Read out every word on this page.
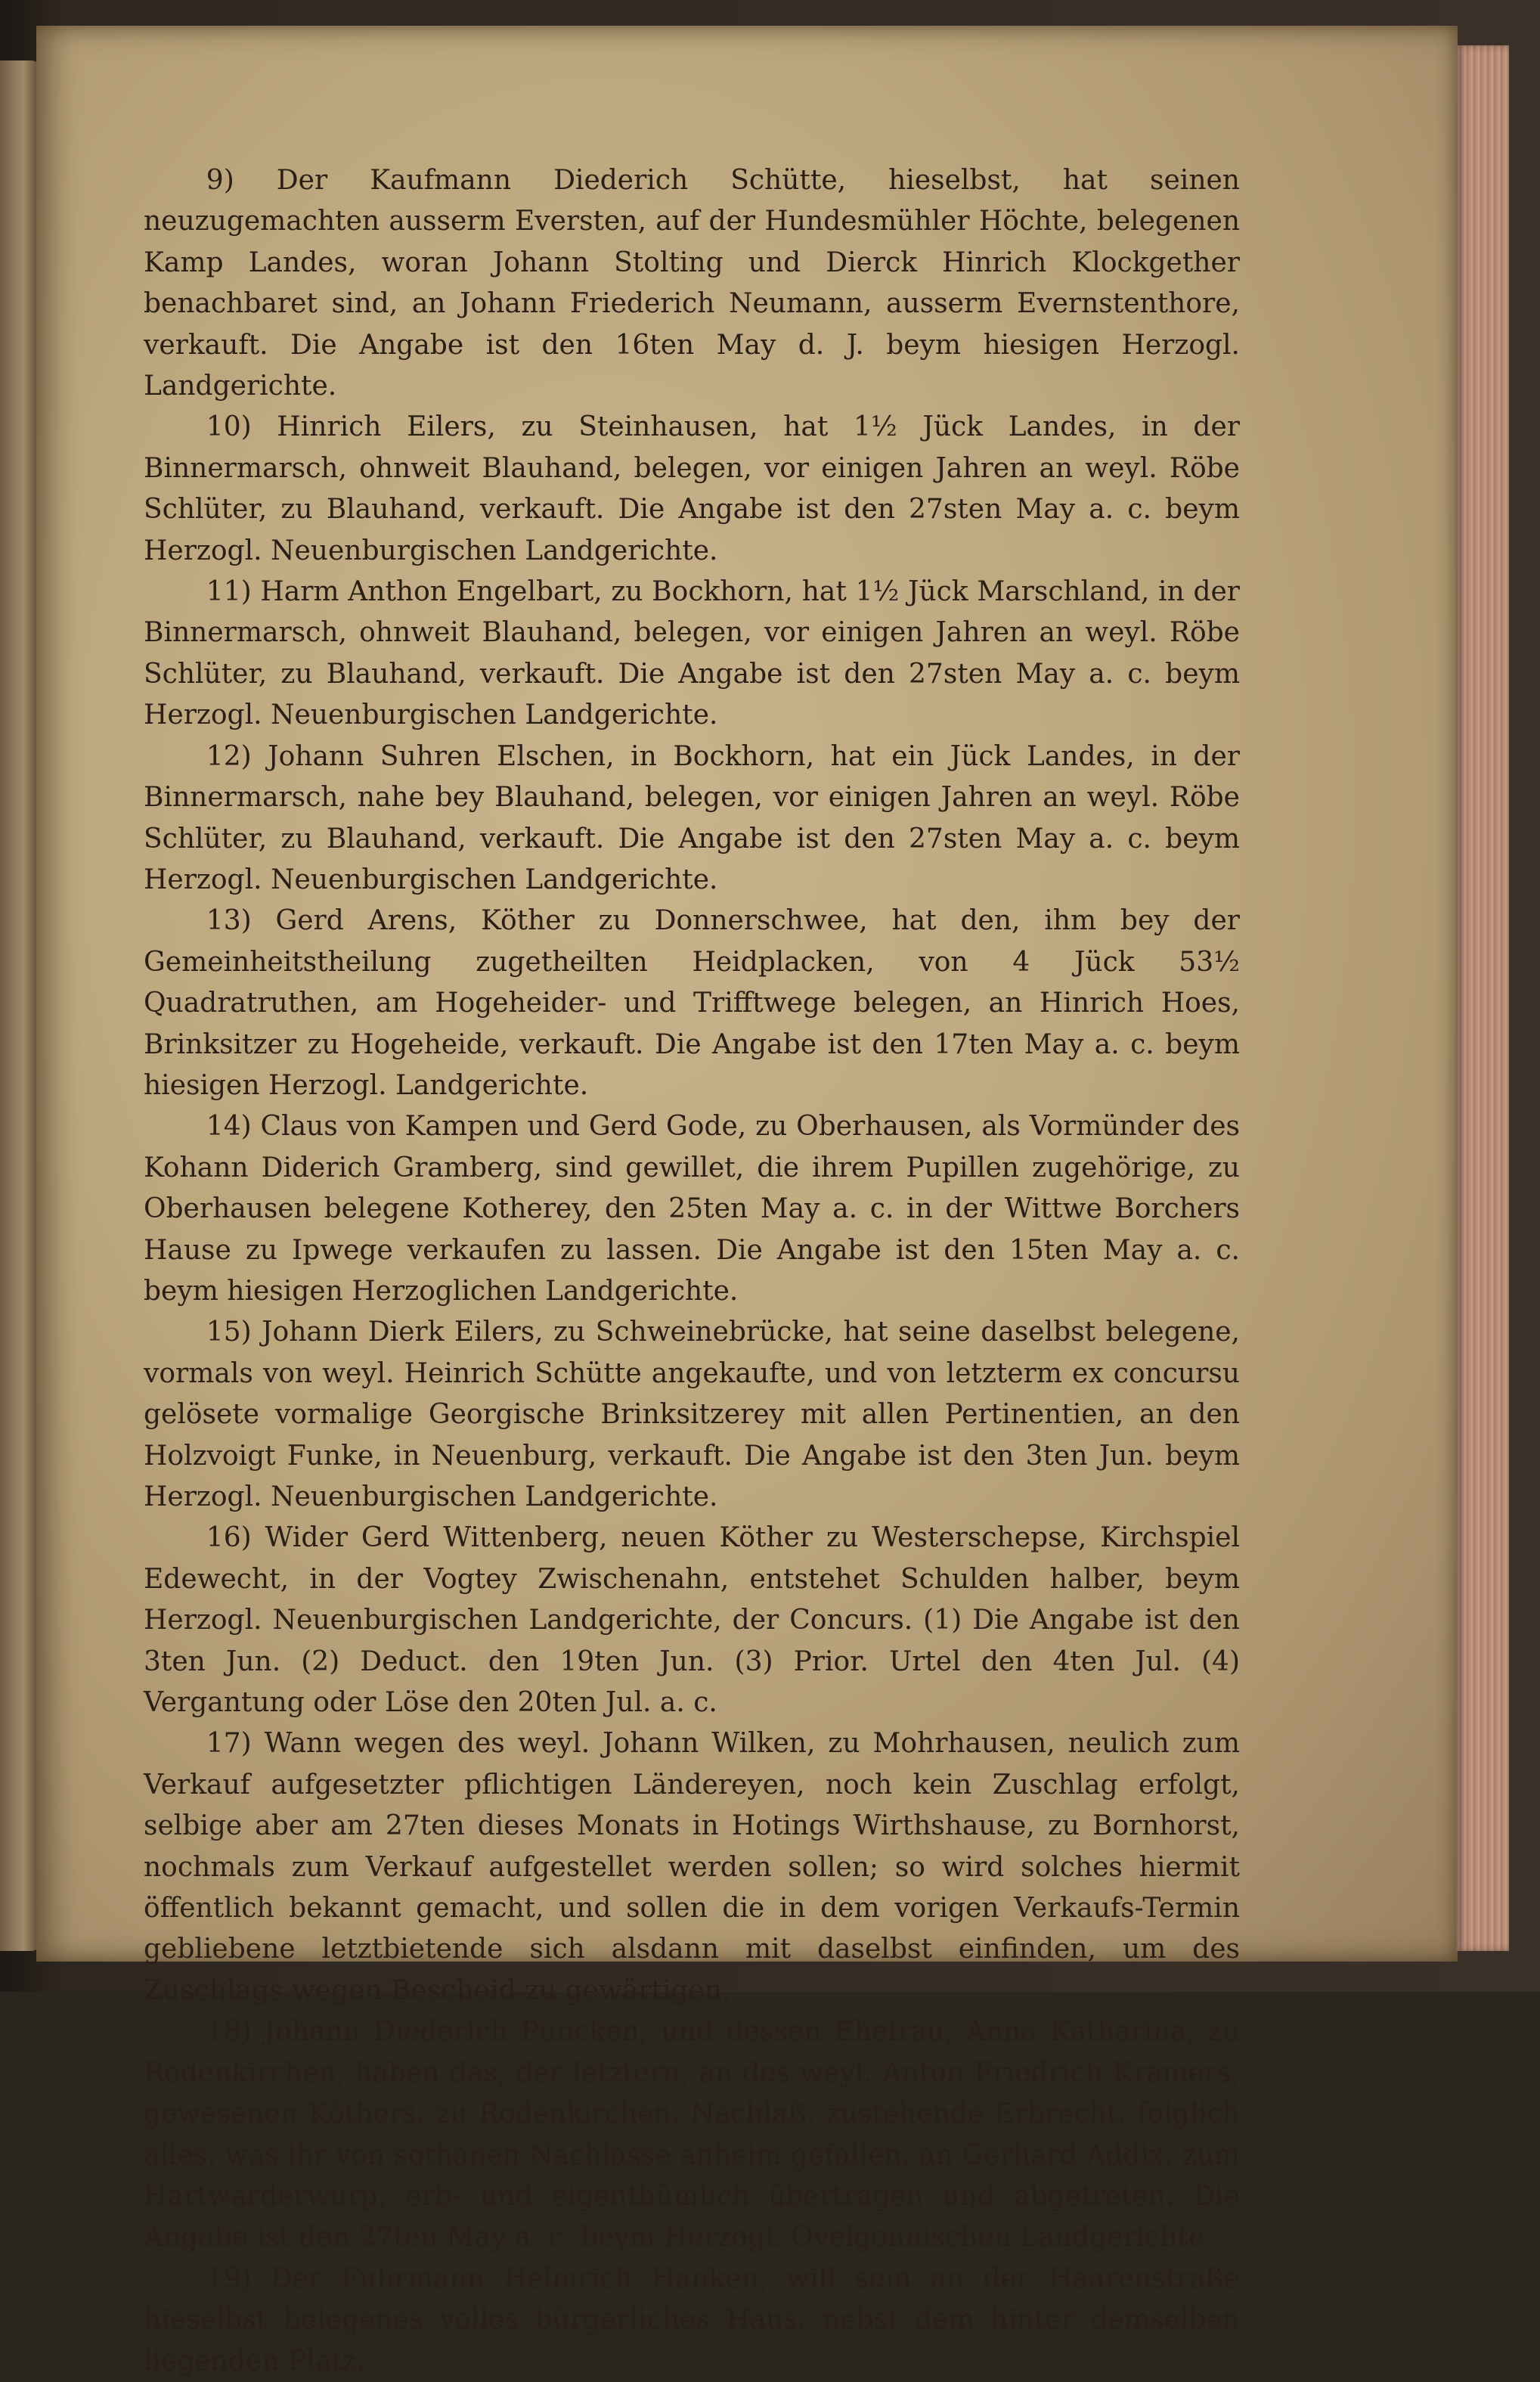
9) Der Kaufmann Diederich Schütte, hieselbst, hat seinen neuzugemachten ausserm Eversten, auf der Hundesmühler Höchte, belegenen Kamp Landes, woran Johann Stolting und Dierck Hinrich Klockgether benachbaret sind, an Johann Friederich Neumann, ausserm Evernstenthore, verkauft. Die Angabe ist den 16ten May d. J. beym hiesigen Herzogl. Landgerichte.

10) Hinrich Eilers, zu Steinhausen, hat 1½ Jück Landes, in der Binnermarsch, ohnweit Blauhand, belegen, vor einigen Jahren an weyl. Röbe Schlüter, zu Blauhand, verkauft. Die Angabe ist den 27sten May a. c. beym Herzogl. Neuenburgischen Landgerichte.

11) Harm Anthon Engelbart, zu Bockhorn, hat 1½ Jück Marschland, in der Binnermarsch, ohnweit Blauhand, belegen, vor einigen Jahren an weyl. Röbe Schlüter, zu Blauhand, verkauft. Die Angabe ist den 27sten May a. c. beym Herzogl. Neuenburgischen Landgerichte.

12) Johann Suhren Elschen, in Bockhorn, hat ein Jück Landes, in der Binnermarsch, nahe bey Blauhand, belegen, vor einigen Jahren an weyl. Röbe Schlüter, zu Blauhand, verkauft. Die Angabe ist den 27sten May a. c. beym Herzogl. Neuenburgischen Landgerichte.

13) Gerd Arens, Köther zu Donnerschwee, hat den, ihm bey der Gemeinheitstheilung zugetheilten Heidplacken, von 4 Jück 53½ Quadratruthen, am Hogeheider- und Trifftwege belegen, an Hinrich Hoes, Brinksitzer zu Hogeheide, verkauft. Die Angabe ist den 17ten May a. c. beym hiesigen Herzogl. Landgerichte.

14) Claus von Kampen und Gerd Gode, zu Oberhausen, als Vormünder des Kohann Diderich Gramberg, sind gewillet, die ihrem Pupillen zugehörige, zu Oberhausen belegene Kotherey, den 25ten May a. c. in der Wittwe Borchers Hause zu Ipwege verkaufen zu lassen. Die Angabe ist den 15ten May a. c. beym hiesigen Herzoglichen Landgerichte.

15) Johann Dierk Eilers, zu Schweinebrücke, hat seine daselbst belegene, vormals von weyl. Heinrich Schütte angekaufte, und von letzterm ex concursu gelösete vormalige Georgische Brinksitzerey mit allen Pertinentien, an den Holzvoigt Funke, in Neuenburg, verkauft. Die Angabe ist den 3ten Jun. beym Herzogl. Neuenburgischen Landgerichte.

16) Wider Gerd Wittenberg, neuen Köther zu Westerschepse, Kirchspiel Edewecht, in der Vogtey Zwischenahn, entstehet Schulden halber, beym Herzogl. Neuenburgischen Landgerichte, der Concurs. (1) Die Angabe ist den 3ten Jun. (2) Deduct. den 19ten Jun. (3) Prior. Urtel den 4ten Jul. (4) Vergantung oder Löse den 20ten Jul. a. c.

17) Wann wegen des weyl. Johann Wilken, zu Mohrhausen, neulich zum Verkauf aufgesetzter pflichtigen Ländereyen, noch kein Zuschlag erfolgt, selbige aber am 27ten dieses Monats in Hotings Wirthshause, zu Bornhorst, nochmals zum Verkauf aufgestellet werden sollen; so wird solches hiermit öffentlich bekannt gemacht, und sollen die in dem vorigen Verkaufs-Termin gebliebene letztbietende sich alsdann mit daselbst einfinden, um des Zuschlags wegen Bescheid zu gewärtigen.

18) Johann Diederich Puncken, und dessen Ehefrau, Anna Katharina, zu Rodenkirchen, haben das, der letztern, an des weyl. Anton Friedrich Kramers, gewesenen Köthers, zu Rodenkirchen, Nachlaß, zustehende Erbrecht, folglich alles, was ihr von sothanen Nachlasse anheim gefallen, an Gerhard Addix, zum Hartwarderwurp, erb- und eigenthümlich übertragen und abgetreten. Die Angabe ist den 27ten May a. c. beym Herzogl. Ovelgonnischen Landgerichte.

19) Der Fuhrmann Helmrich Hanken, will sein an der Haarenstraße hieselbst belegenes volles bürgerliches Haus, nebst dem hinter demselben liegenden Platz,
